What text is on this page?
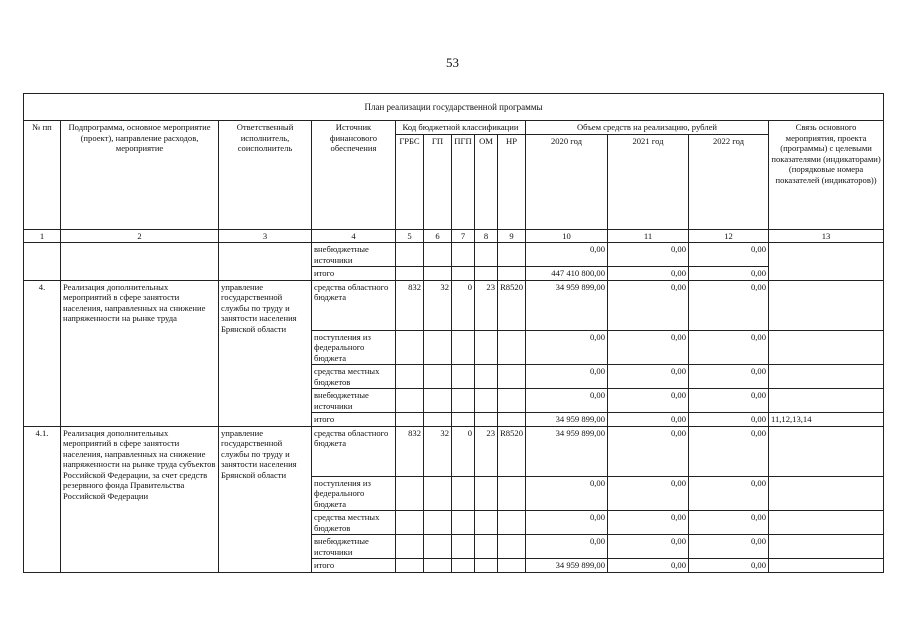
53
План реализации государственной программы												
№ пп	Подпрограмма, основное мероприятие (проект), направление расходов, мероприятие	Ответственный исполнитель, соисполнитель	Источник финансового обеспечения	Код бюджетной классификации					Объем средств на реализацию, рублей			Связь основного мероприятия, проекта (программы) с целевыми показателями (индикаторами) (порядковые номера показателей (индикаторов))
				ГРБС	ГП	ПГП	ОМ	НР	2020 год	2021 год	2022 год	
1	2	3	4	5	6	7	8	9	10	11	12	13
			внебюджетные источники						0,00	0,00	0,00	
			итого						447 410 800,00	0,00	0,00	
4.	Реализация дополнительных мероприятий в сфере занятости населения, направленных на снижение напряженности на рынке труда	управление государственной службы по труду и занятости населения Брянской области	средства областного бюджета	832	32	0	23	R8520	34 959 899,00	0,00	0,00	
			поступления из федерального бюджета						0,00	0,00	0,00	
			средства местных бюджетов						0,00	0,00	0,00	
			внебюджетные источники						0,00	0,00	0,00	
			итого						34 959 899,00	0,00	0,00	11,12,13,14
4.1.	Реализация дополнительных мероприятий в сфере занятости населения, направленных на снижение напряженности на рынке труда субъектов Российской Федерации, за счет средств резервного фонда Правительства Российской Федерации	управление государственной службы по труду и занятости населения Брянской области	средства областного бюджета	832	32	0	23	R8520	34 959 899,00	0,00	0,00	
			поступления из федерального бюджета						0,00	0,00	0,00	
			средства местных бюджетов						0,00	0,00	0,00	
			внебюджетные источники						0,00	0,00	0,00	
			итого						34 959 899,00	0,00	0,00	
